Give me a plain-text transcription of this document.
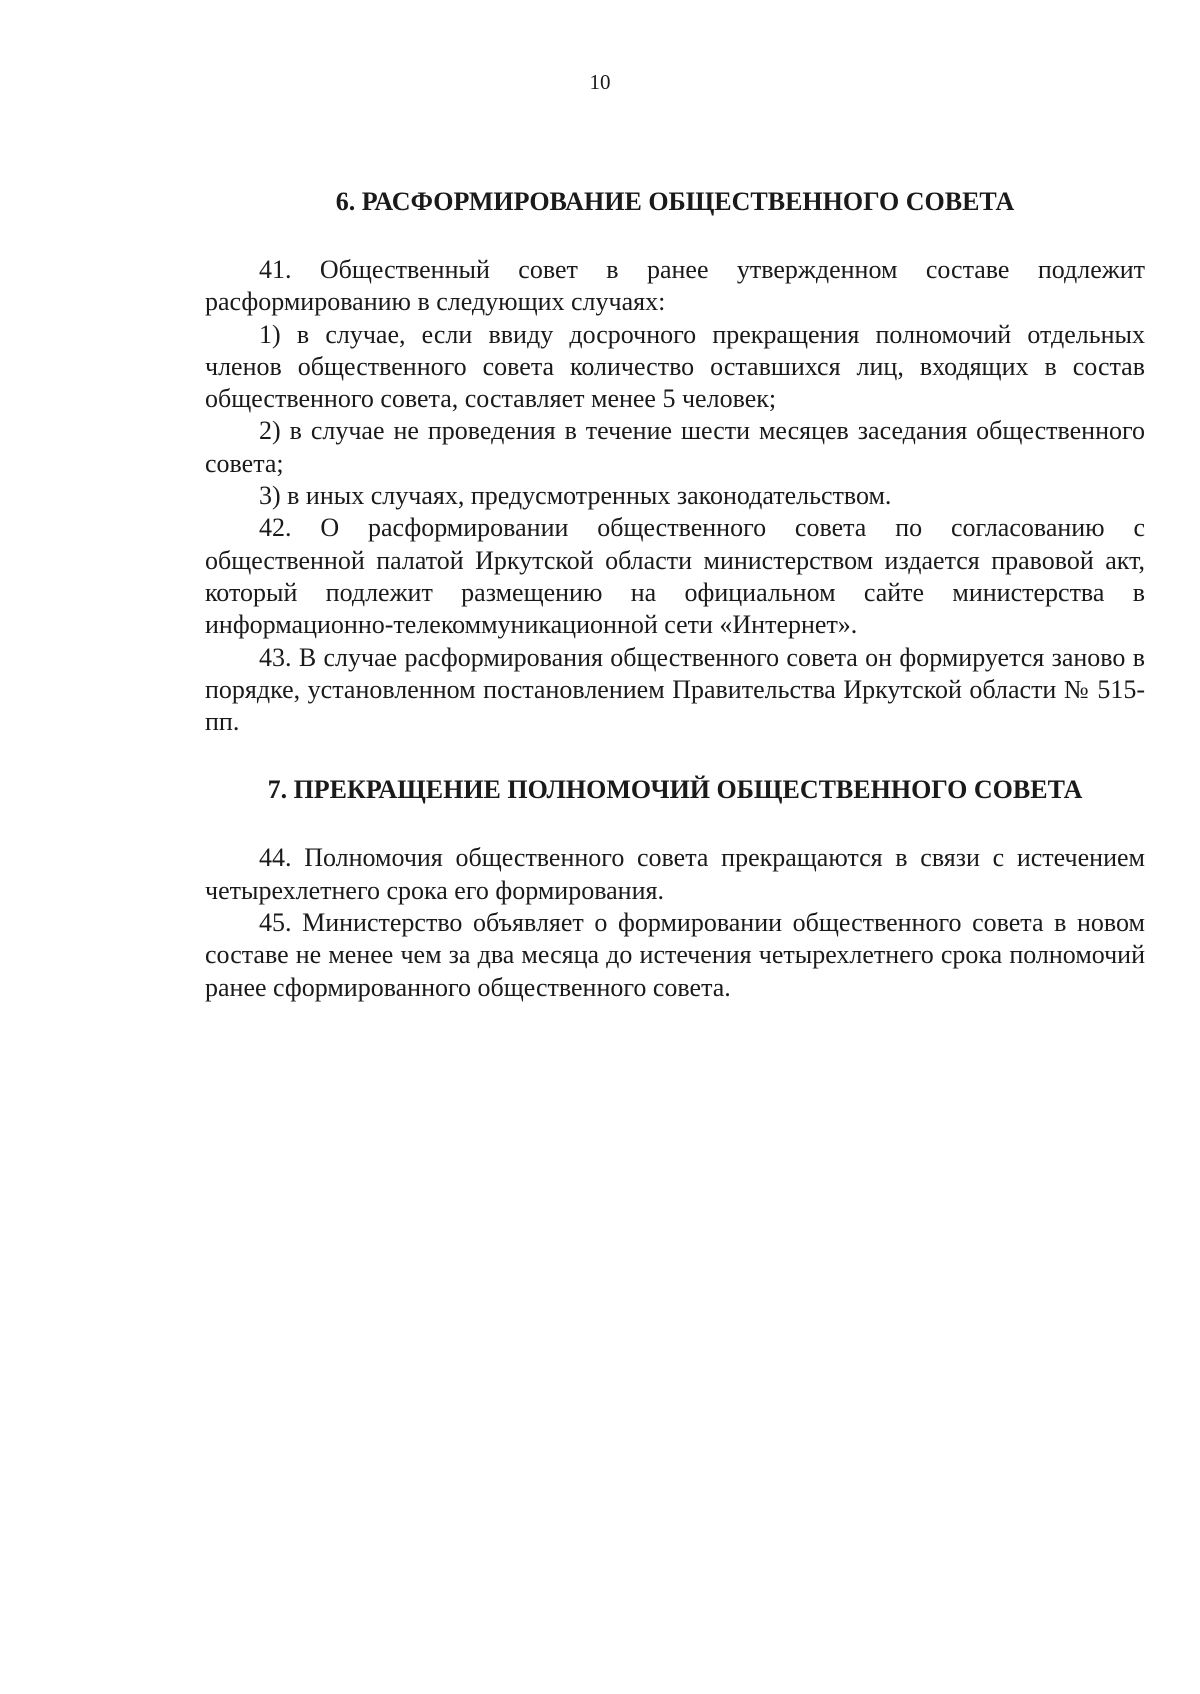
10
6. РАСФОРМИРОВАНИЕ ОБЩЕСТВЕННОГО СОВЕТА

41. Общественный совет в ранее утвержденном составе подлежит расформированию в следующих случаях:

1) в случае, если ввиду досрочного прекращения полномочий отдельных членов общественного совета количество оставшихся лиц, входящих в состав общественного совета, составляет менее 5 человек;

2) в случае не проведения в течение шести месяцев заседания общественного совета;

3) в иных случаях, предусмотренных законодательством.

42. О расформировании общественного совета по согласованию с общественной палатой Иркутской области министерством издается правовой акт, который подлежит размещению на официальном сайте министерства в информационно-телекоммуникационной сети «Интернет».

43. В случае расформирования общественного совета он формируется заново в порядке, установленном постановлением Правительства Иркутской области № 515-пп.

7. ПРЕКРАЩЕНИЕ ПОЛНОМОЧИЙ ОБЩЕСТВЕННОГО СОВЕТА

44. Полномочия общественного совета прекращаются в связи с истечением четырехлетнего срока его формирования.

45. Министерство объявляет о формировании общественного совета в новом составе не менее чем за два месяца до истечения четырехлетнего срока полномочий ранее сформированного общественного совета.
